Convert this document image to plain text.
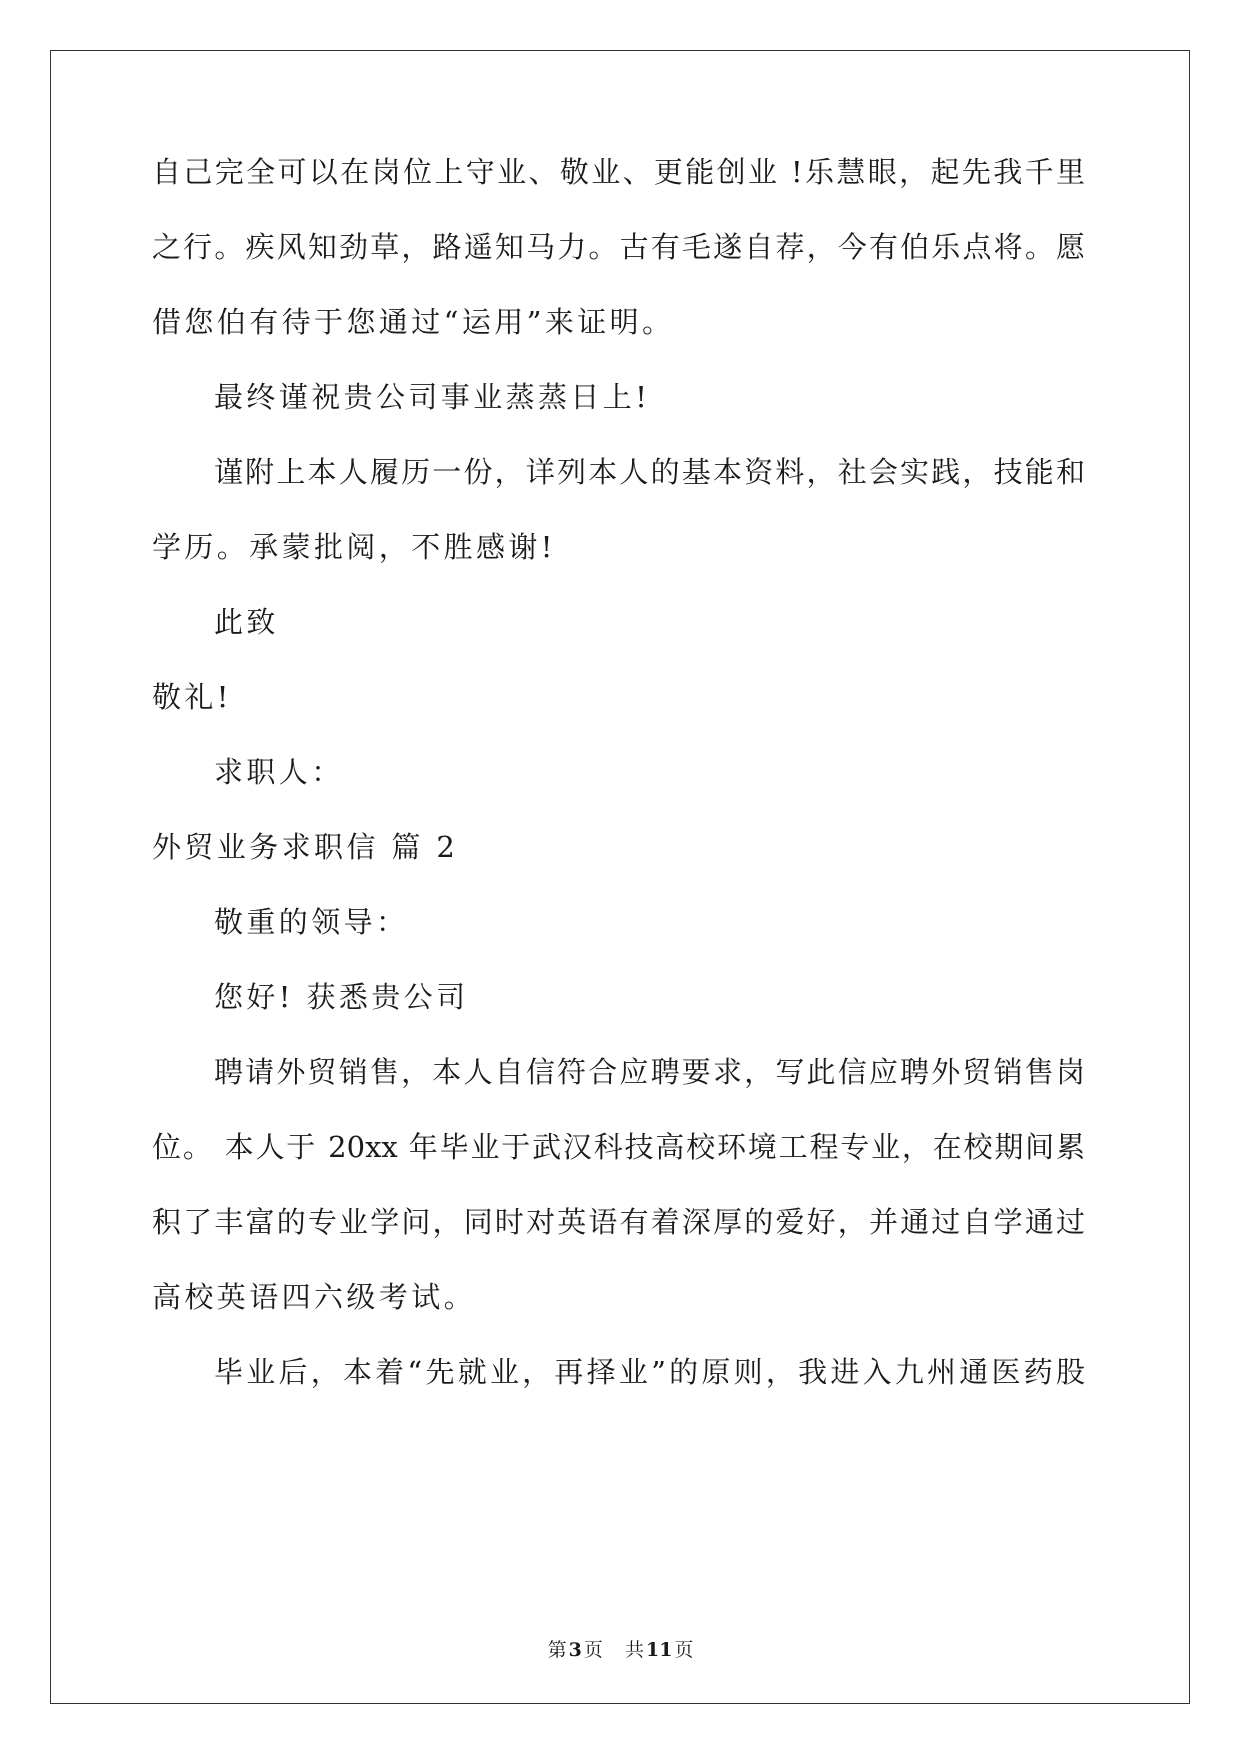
自己完全可以在岗位上守业、敬业、更能创业 !乐慧眼，起先我千里
之行。疾风知劲草，路遥知马力。古有毛遂自荐，今有伯乐点将。愿
借您伯有待于您通过“运用”来证明。
最终谨祝贵公司事业蒸蒸日上!
谨附上本人履历一份，详列本人的基本资料，社会实践，技能和
学历。承蒙批阅，不胜感谢!
此致
敬礼!
求职人：
外贸业务求职信 篇 2
敬重的领导：
您好! 获悉贵公司
聘请外贸销售，本人自信符合应聘要求，写此信应聘外贸销售岗
位。 本人于 20xx 年毕业于武汉科技高校环境工程专业，在校期间累
积了丰富的专业学问，同时对英语有着深厚的爱好，并通过自学通过
高校英语四六级考试。
毕业后，本着“先就业，再择业”的原则，我进入九州通医药股
第 3 页 共 11 页
